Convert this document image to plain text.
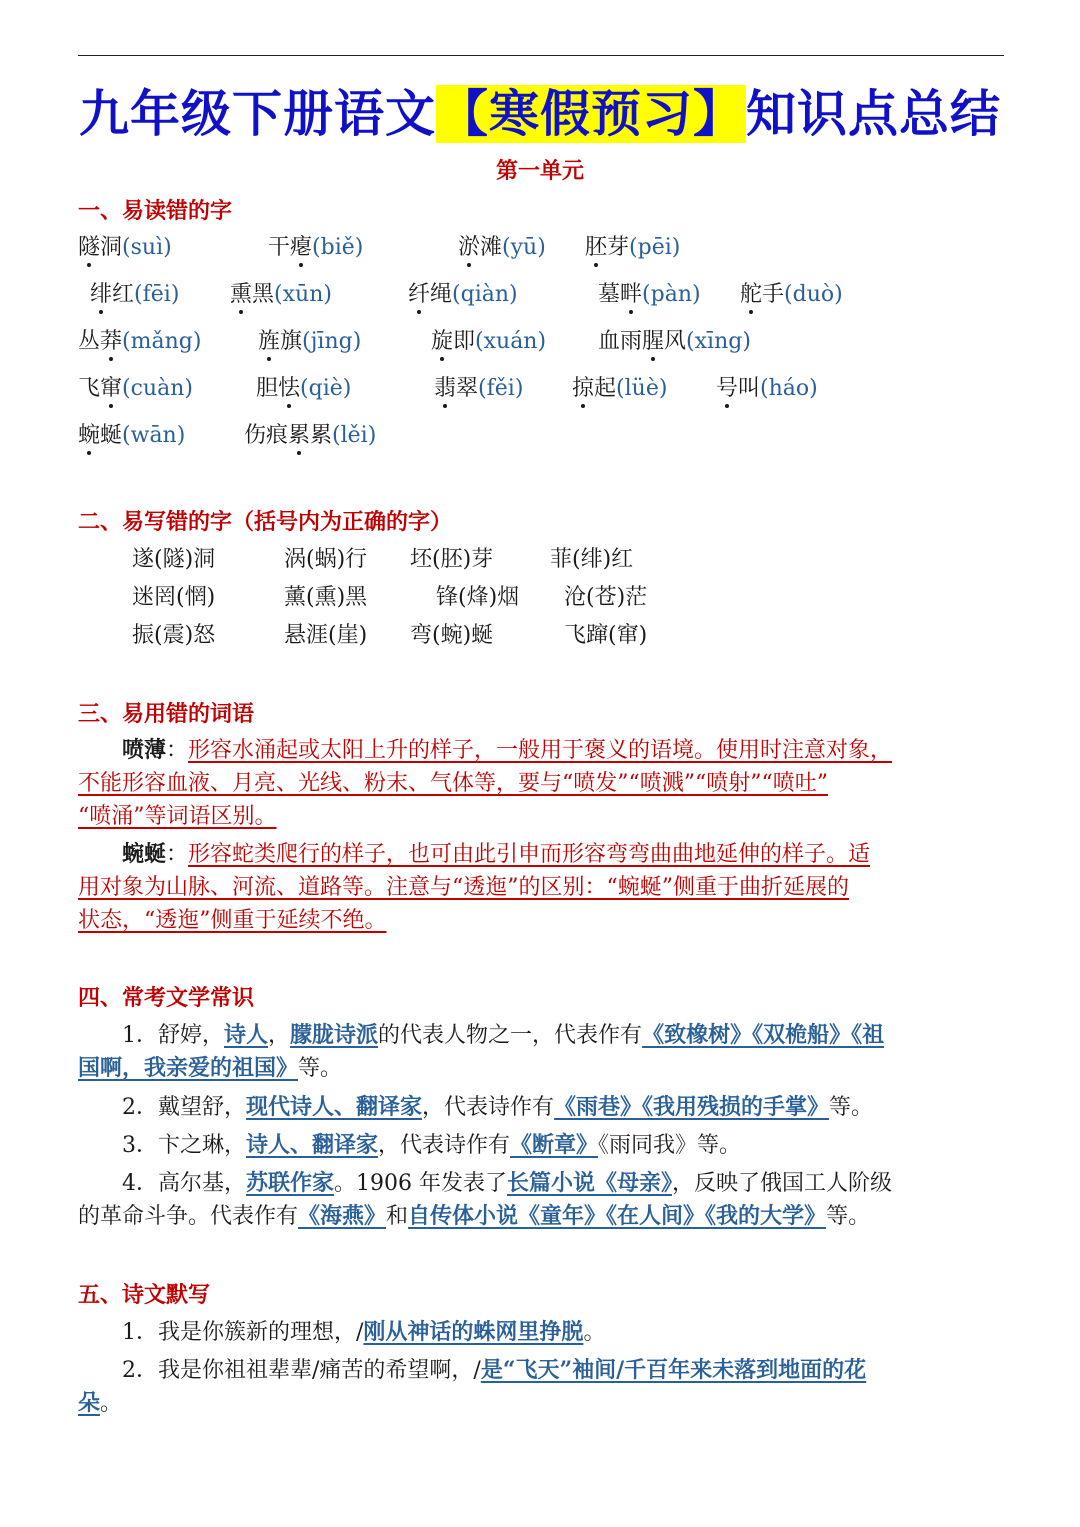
九年级下册语文【寒假预习】知识点总结
第一单元
一、易读错的字
隧洞(suì)	干瘪(biě)	淤滩(yū) 胚芽(pēi)
绯红(fēi) 熏黑(xūn)	纤绳(qiàn)	墓畔(pàn) 舵手(duò)
丛莽(mǎng)	旌旗(jīng)	旋即(xuán) 血雨腥风(xīng)
飞窜(cuàn)	胆怯(qiè)	翡翠(fěi) 掠起(lüè) 号叫(háo)
蜿蜒(wān)	伤痕累累(lěi)
二、易写错的字（括号内为正确的字）
遂(隧)洞	涡(蜗)行 坯(胚)芽	菲(绯)红
迷罔(惘)	薰(熏)黑	锋(烽)烟 沧(苍)茫
振(震)怒	悬涯(崖) 弯(蜿)蜒	飞蹿(窜)
三、易用错的词语
喷薄：形容水涌起或太阳上升的样子，一般用于褒义的语境。使用时注意对象，
不能形容血液、月亮、光线、粉末、气体等，要与“喷发”“喷溅”“喷射”“喷吐”
“喷涌”等词语区别。
蜿蜒：形容蛇类爬行的样子，也可由此引申而形容弯弯曲曲地延伸的样子。适
用对象为山脉、河流、道路等。注意与“透迤”的区别：“蜿蜒”侧重于曲折延展的
状态，“透迤”侧重于延续不绝。
四、常考文学常识
1．舒婷，诗人，朦胧诗派的代表人物之一，代表作有《致橡树》《双桅船》《祖
国啊，我亲爱的祖国》等。
2．戴望舒，现代诗人、翻译家，代表诗作有《雨巷》《我用残损的手掌》等。
3．卞之琳，诗人、翻译家，代表诗作有《断章》《雨同我》等。
4．高尔基，苏联作家。1906 年发表了长篇小说《母亲》，反映了俄国工人阶级
的革命斗争。代表作有《海燕》和自传体小说《童年》《在人间》《我的大学》等。
五、诗文默写
1．我是你簇新的理想，/刚从神话的蛛网里挣脱。
2．我是你祖祖辈辈/痛苦的希望啊，/是“飞天”袖间/千百年来未落到地面的花
朵。
